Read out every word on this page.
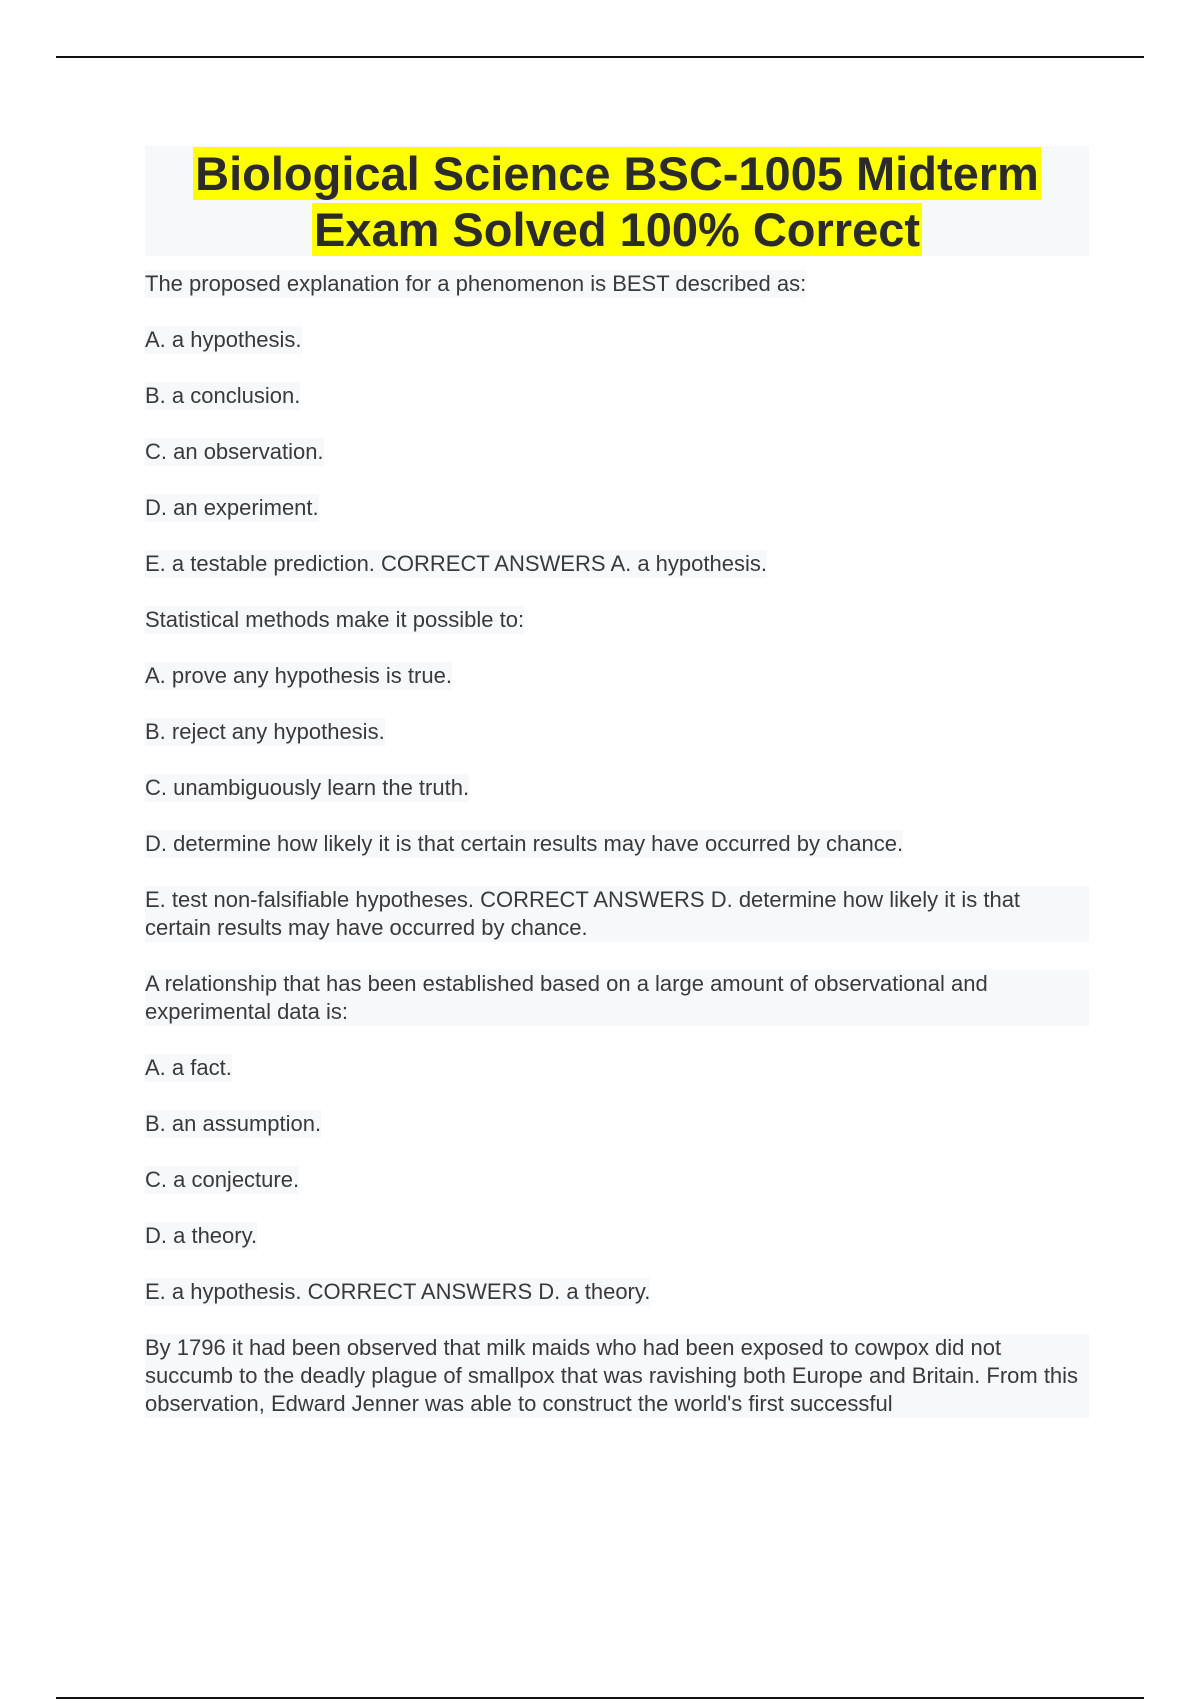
Biological Science BSC-1005 Midterm Exam Solved 100% Correct

The proposed explanation for a phenomenon is BEST described as:

A. a hypothesis.

B. a conclusion.

C. an observation.

D. an experiment.

E. a testable prediction. CORRECT ANSWERS A. a hypothesis.

Statistical methods make it possible to:

A. prove any hypothesis is true.

B. reject any hypothesis.

C. unambiguously learn the truth.

D. determine how likely it is that certain results may have occurred by chance.

E. test non-falsifiable hypotheses. CORRECT ANSWERS D. determine how likely it is that certain results may have occurred by chance.

A relationship that has been established based on a large amount of observational and experimental data is:

A. a fact.

B. an assumption.

C. a conjecture.

D. a theory.

E. a hypothesis. CORRECT ANSWERS D. a theory.

By 1796 it had been observed that milk maids who had been exposed to cowpox did not succumb to the deadly plague of smallpox that was ravishing both Europe and Britain. From this observation, Edward Jenner was able to construct the world's first successful
